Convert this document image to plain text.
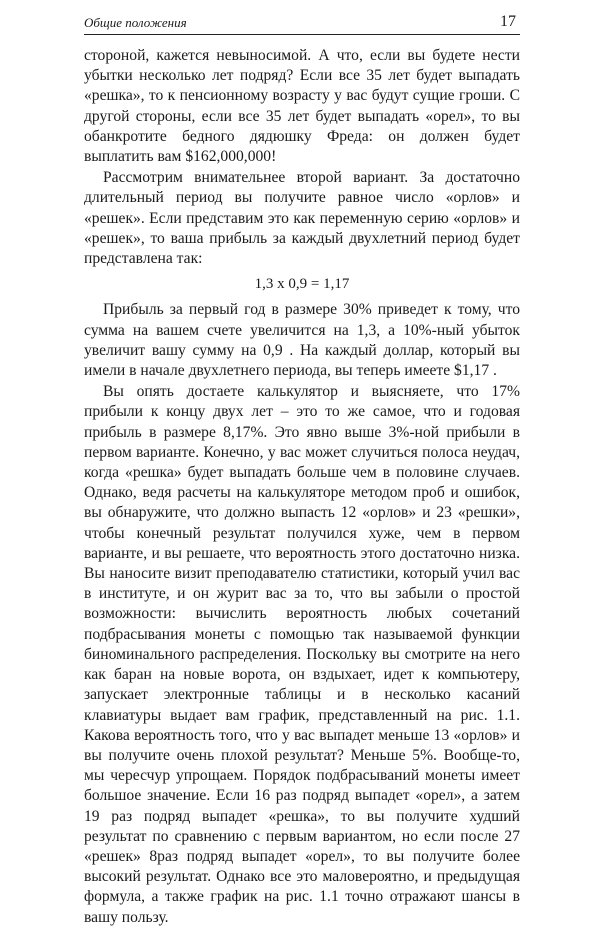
Общие положения	17

стороной, кажется невыносимой. А что, если вы будете нести убытки несколько лет подряд? Если все 35 лет будет выпадать «решка», то к пенсионному возрасту у вас будут сущие гроши. С другой стороны, если все 35 лет будет выпадать «орел», то вы обанкротите бедного дядюшку Фреда: он должен будет выплатить вам $162,000,000!

Рассмотрим внимательнее второй вариант. За достаточно длительный период вы получите равное число «орлов» и «решек». Если представим это как переменную серию «орлов» и «решек», то ваша прибыль за каждый двухлетний период будет представлена так:

1,3 x 0,9 = 1,17

Прибыль за первый год в размере 30% приведет к тому, что сумма на вашем счете увеличится на 1,3, а 10%-ный убыток увеличит вашу сумму на 0,9 . На каждый доллар, который вы имели в начале двухлетнего периода, вы теперь имеете $1,17 .

Вы опять достаете калькулятор и выясняете, что 17% прибыли к концу двух лет – это то же самое, что и годовая прибыль в размере 8,17%. Это явно выше 3%-ной прибыли в первом варианте. Конечно, у вас может случиться полоса неудач, когда «решка» будет выпадать больше чем в половине случаев. Однако, ведя расчеты на калькуляторе методом проб и ошибок, вы обнаружите, что должно выпасть 12 «орлов» и 23 «решки», чтобы конечный результат получился хуже, чем в первом варианте, и вы решаете, что вероятность этого достаточно низка. Вы наносите визит преподавателю статистики, который учил вас в институте, и он журит вас за то, что вы забыли о простой возможности: вычислить вероятность любых сочетаний подбрасывания монеты с помощью так называемой функции биноминального распределения. Поскольку вы смотрите на него как баран на новые ворота, он вздыхает, идет к компьютеру, запускает электронные таблицы и в несколько касаний клавиатуры выдает вам график, представленный на рис. 1.1. Какова вероятность того, что у вас выпадет меньше 13 «орлов» и вы получите очень плохой результат? Меньше 5%. Вообще-то, мы чересчур упрощаем. Порядок подбрасываний монеты имеет большое значение. Если 16 раз подряд выпадет «орел», а затем 19 раз подряд выпадет «решка», то вы получите худший результат по сравнению с первым вариантом, но если после 27 «решек» 8раз подряд выпадет «орел», то вы получите более высокий результат. Однако все это маловероятно, и предыдущая формула, а также график на рис. 1.1 точно отражают шансы в вашу пользу.
